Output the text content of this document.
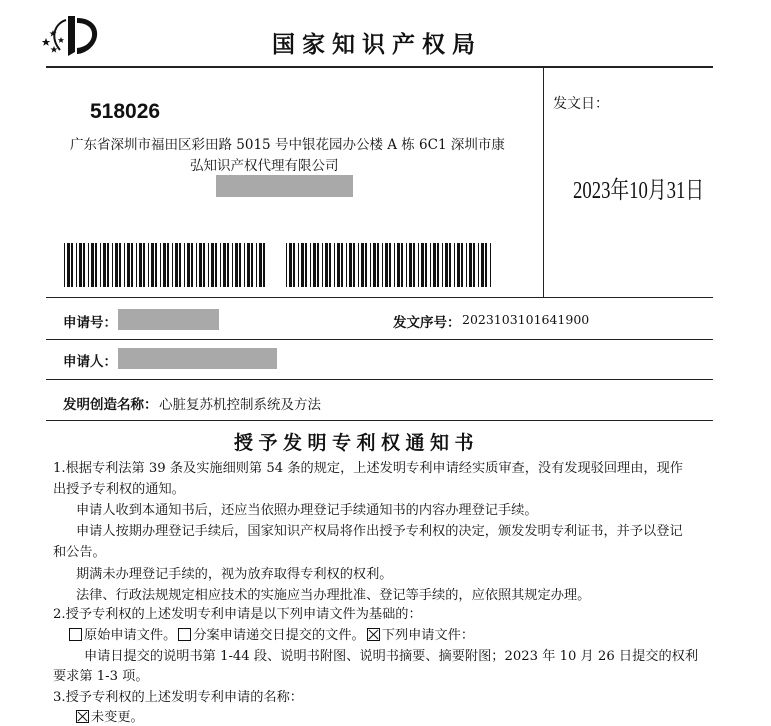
国家知识产权局
518026
广东省深圳市福田区彩田路 5015 号中银花园办公楼 A 栋 6C1 深圳市康
弘知识产权代理有限公司
发文日：
2023年10月31日
申请号：	发文序号： 2023103101641900
申请人：
发明创造名称： 心脏复苏机控制系统及方法
授予发明专利权通知书
1.根据专利法第 39 条及实施细则第 54 条的规定，上述发明专利申请经实质审查，没有发现驳回理由，现作
出授予专利权的通知。
申请人收到本通知书后，还应当依照办理登记手续通知书的内容办理登记手续。
申请人按期办理登记手续后，国家知识产权局将作出授予专利权的决定，颁发发明专利证书，并予以登记
和公告。
期满未办理登记手续的，视为放弃取得专利权的权利。
法律、行政法规规定相应技术的实施应当办理批准、登记等手续的，应依照其规定办理。
2.授予专利权的上述发明专利申请是以下列申请文件为基础的：
原始申请文件。 分案申请递交日提交的文件。 下列申请文件：
申请日提交的说明书第 1-44 段、说明书附图、说明书摘要、摘要附图；2023 年 10 月 26 日提交的权利
要求第 1-3 项。
3.授予专利权的上述发明专利申请的名称：
未变更。
